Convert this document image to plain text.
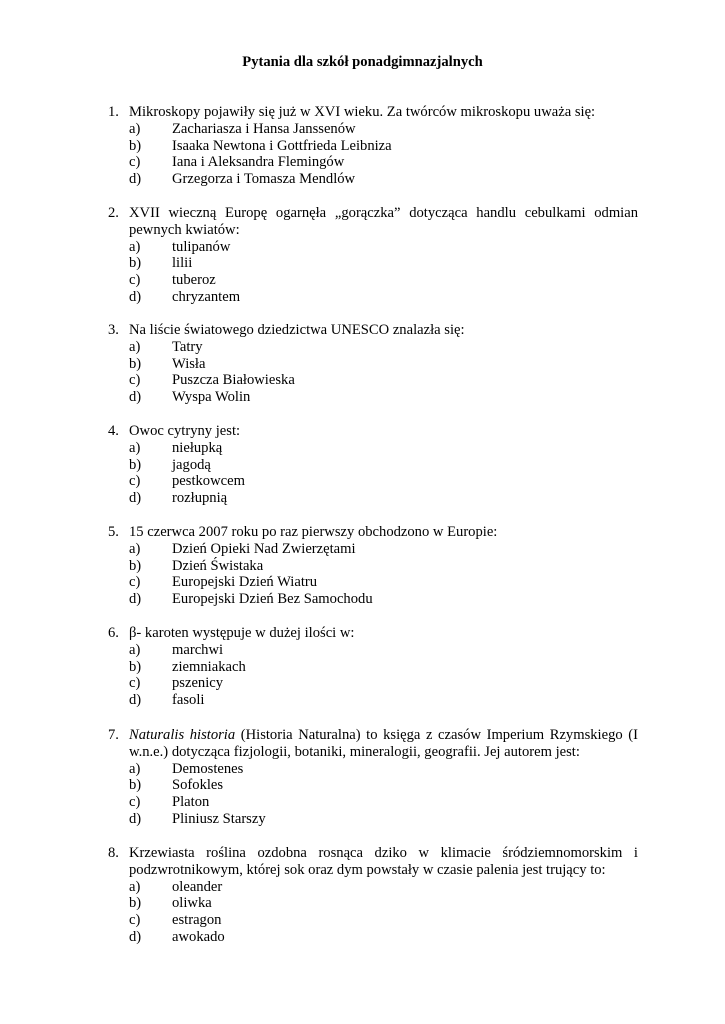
Pytania dla szkół ponadgimnazjalnych
1. Mikroskopy pojawiły się już w XVI wieku. Za twórców mikroskopu uważa się:
a) Zachariasza i Hansa Janssenów
b) Isaaka Newtona i Gottfrieda Leibniza
c) Iana i Aleksandra Flemingów
d) Grzegorza i Tomasza Mendlów
2. XVII wieczną Europę ogarnęła „gorączka” dotycząca handlu cebulkami odmian pewnych kwiatów:
a) tulipanów
b) lilii
c) tuberoz
d) chryzantem
3. Na liście światowego dziedzictwa UNESCO znalazła się:
a) Tatry
b) Wisła
c) Puszcza Białowieska
d) Wyspa Wolin
4. Owoc cytryny jest:
a) niełupką
b) jagodą
c) pestkowcem
d) rozłupnią
5. 15 czerwca 2007 roku po raz pierwszy obchodzono w Europie:
a) Dzień Opieki Nad Zwierzętami
b) Dzień Świstaka
c) Europejski Dzień Wiatru
d) Europejski Dzień Bez Samochodu
6. β- karoten występuje w dużej ilości w:
a) marchwi
b) ziemniakach
c) pszenicy
d) fasoli
7. Naturalis historia (Historia Naturalna) to księga z czasów Imperium Rzymskiego (I w.n.e.) dotycząca fizjologii, botaniki, mineralogii, geografii. Jej autorem jest:
a) Demostenes
b) Sofokles
c) Platon
d) Pliniusz Starszy
8. Krzewiasta roślina ozdobna rosnąca dziko w klimacie śródziemnomorskim i podzwrotnikowym, której sok oraz dym powstały w czasie palenia jest trujący to:
a) oleander
b) oliwka
c) estragon
d) awokado
